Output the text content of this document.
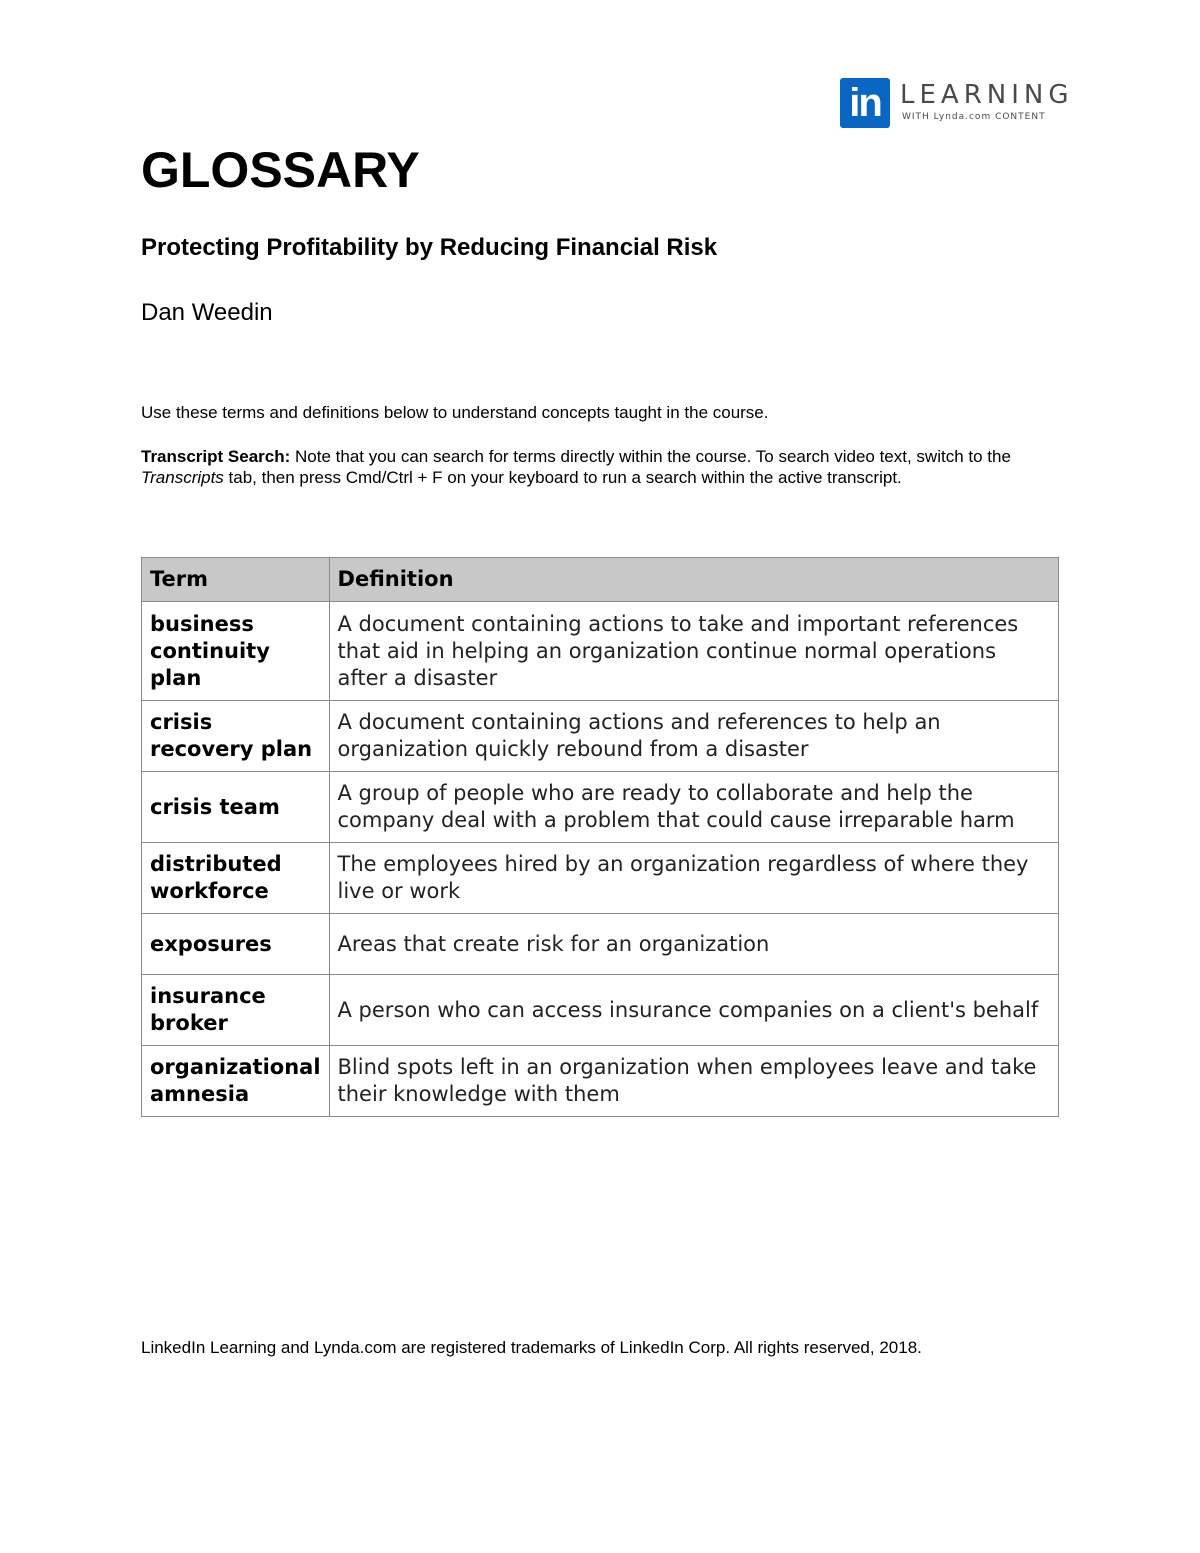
in LEARNING
WITH Lynda.com CONTENT
GLOSSARY
Protecting Profitability by Reducing Financial Risk
Dan Weedin

Use these terms and definitions below to understand concepts taught in the course.

Transcript Search: Note that you can search for terms directly within the course. To search video text, switch to the Transcripts tab, then press Cmd/Ctrl + F on your keyboard to run a search within the active transcript.

Term	Definition
business continuity plan	A document containing actions to take and important references that aid in helping an organization continue normal operations after a disaster
crisis recovery plan	A document containing actions and references to help an organization quickly rebound from a disaster
crisis team	A group of people who are ready to collaborate and help the company deal with a problem that could cause irreparable harm
distributed workforce	The employees hired by an organization regardless of where they live or work
exposures	Areas that create risk for an organization
insurance broker	A person who can access insurance companies on a client's behalf
organizational amnesia	Blind spots left in an organization when employees leave and take their knowledge with them

LinkedIn Learning and Lynda.com are registered trademarks of LinkedIn Corp. All rights reserved, 2018.
